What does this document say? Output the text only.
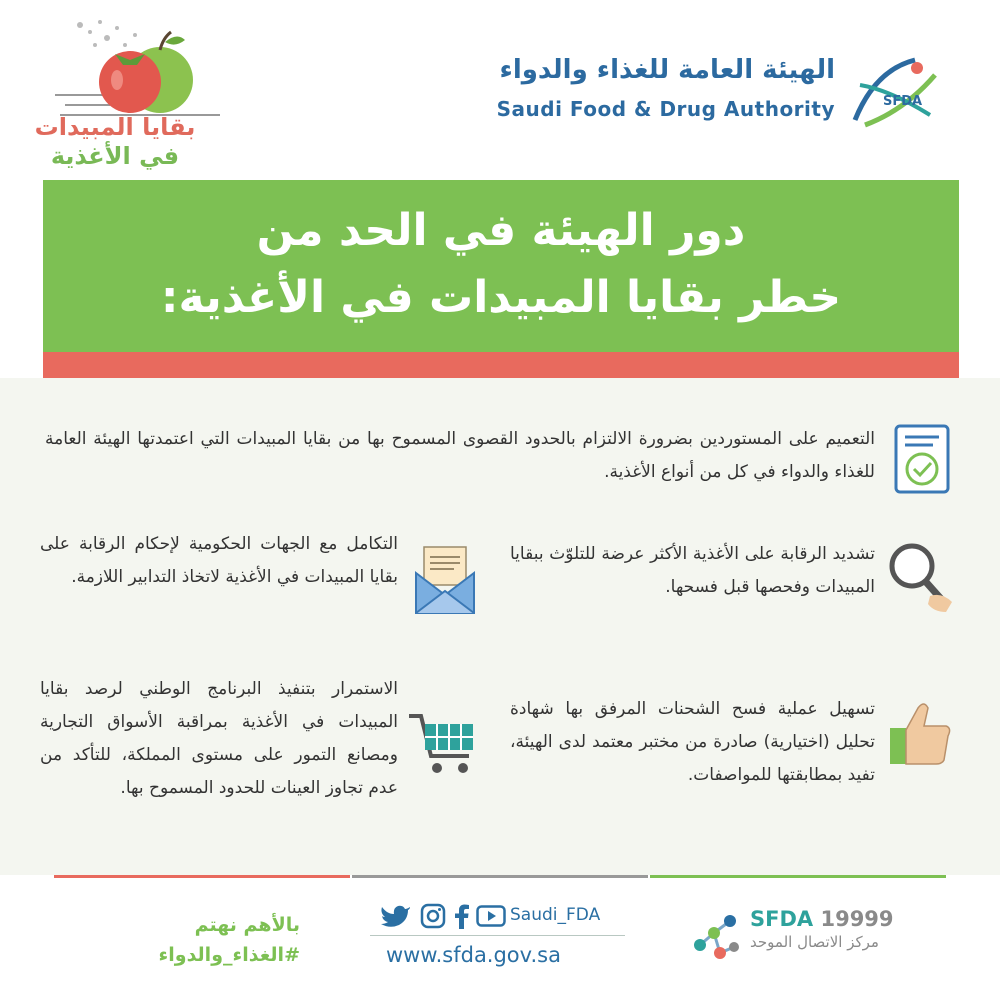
بقايا المبيدات
في الأغذية
الهيئة العامة للغذاء والدواء
Saudi Food & Drug Authority	SFDA
دور الهيئة في الحد من
خطر بقايا المبيدات في الأغذية:
التعميم على المستوردين بضرورة الالتزام بالحدود القصوى المسموح بها من بقايا المبيدات التي اعتمدتها الهيئة العامة للغذاء والدواء في كل من أنواع الأغذية.
تشديد الرقابة على الأغذية الأكثر عرضة للتلوّث ببقايا المبيدات وفحصها قبل فسحها.
التكامل مع الجهات الحكومية لإحكام الرقابة على بقايا المبيدات في الأغذية لاتخاذ التدابير اللازمة.
تسهيل عملية فسح الشحنات المرفق بها شهادة تحليل (اختيارية) صادرة من مختبر معتمد لدى الهيئة، تفيد بمطابقتها للمواصفات.
الاستمرار بتنفيذ البرنامج الوطني لرصد بقايا المبيدات في الأغذية بمراقبة الأسواق التجارية ومصانع التمور على مستوى المملكة، للتأكد من عدم تجاوز العينات للحدود المسموح بها.
بالأهم نهتم
#الغذاء_والدواء
Saudi_FDA
www.sfda.gov.sa
SFDA 19999
مركز الاتصال الموحد
